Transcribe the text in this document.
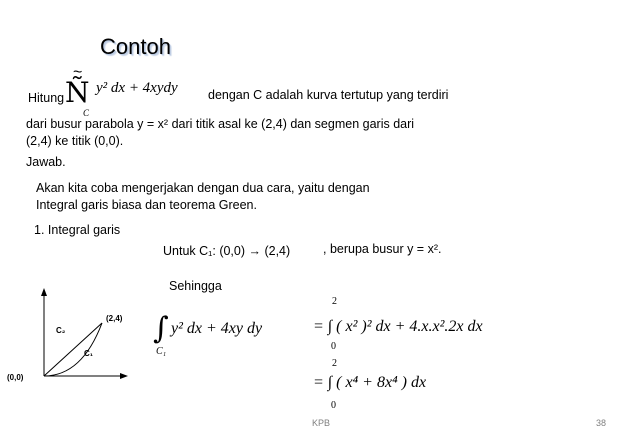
Contoh
Hitung Ñ
~
y² dx + 4xydy
C
dengan C adalah kurva tertutup yang terdiri
dari busur parabola y = x² dari titik asal ke (2,4) dan segmen garis dari
(2,4) ke titik (0,0).
Jawab.
Akan kita coba mengerjakan dengan dua cara, yaitu dengan
Integral garis biasa dan teorema Green.
1. Integral garis
Untuk C₁: (0,0) → (2,4)	, berupa busur y = x².
Sehingga
(2,4)
C₂
C₁
(0,0)
∫ y² dx + 4xy dy
C₁
2
= ∫ ( x² )² dx + 4.x.x².2x dx
0
2
= ∫ ( x⁴ + 8x⁴ ) dx
0
KPB	38
